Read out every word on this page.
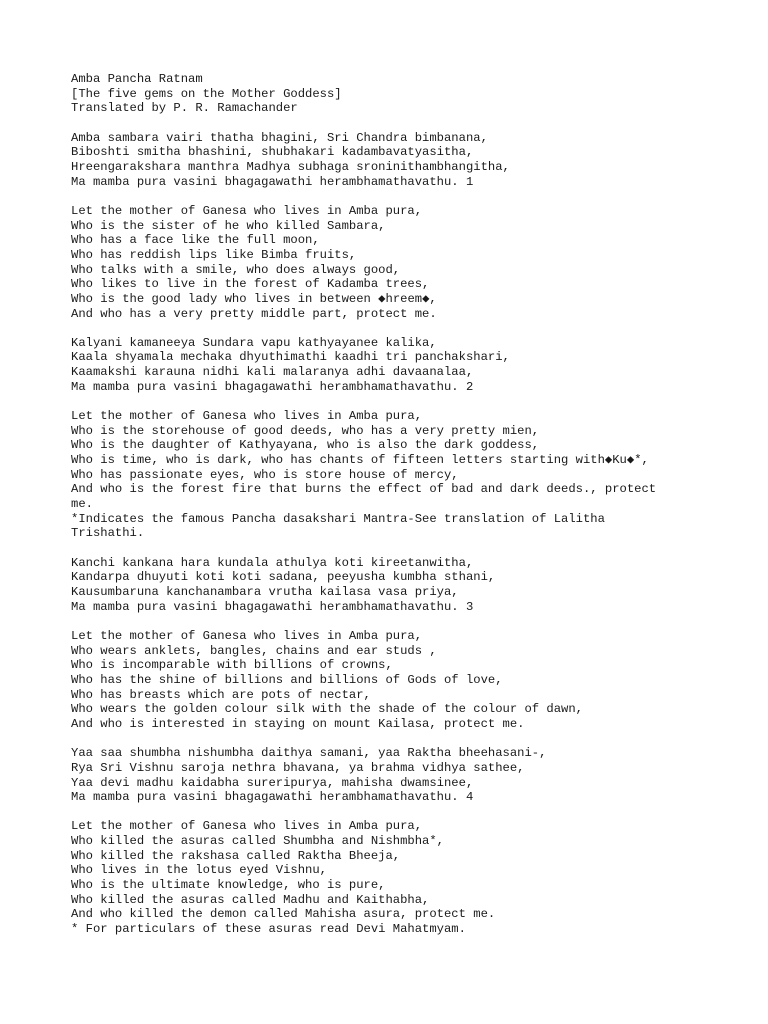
Amba Pancha Ratnam
[The five gems on the Mother Goddess]
Translated by P. R. Ramachander
Amba sambara vairi thatha bhagini, Sri Chandra bimbanana,
Biboshti smitha bhashini, shubhakari kadambavatyasitha,
Hreengarakshara manthra Madhya subhaga sroninithambhangitha,
Ma mamba pura vasini bhagagawathi herambhamathavathu. 1
Let the mother of Ganesa who lives in Amba pura,
Who is the sister of he who killed Sambara,
Who has a face like the full moon,
Who has reddish lips like Bimba fruits,
Who talks with a smile, who does always good,
Who likes to live in the forest of Kadamba trees,
Who is the good lady who lives in between ◆hreem◆,
And who has a very pretty middle part, protect me.
Kalyani kamaneeya Sundara vapu kathyayanee kalika,
Kaala shyamala mechaka dhyuthimathi kaadhi tri panchakshari,
Kaamakshi karauna nidhi kali malaranya adhi davaanalaa,
Ma mamba pura vasini bhagagawathi herambhamathavathu. 2
Let the mother of Ganesa who lives in Amba pura,
Who is the storehouse of good deeds, who has a very pretty mien,
Who is the daughter of Kathyayana, who is also the dark goddess,
Who is time, who is dark, who has chants of fifteen letters starting with◆Ku◆*,
Who has passionate eyes, who is store house of mercy,
And who is the forest fire that burns the effect of bad and dark deeds., protect
me.
*Indicates the famous Pancha dasakshari Mantra-See translation of Lalitha
Trishathi.
Kanchi kankana hara kundala athulya koti kireetanwitha,
Kandarpa dhuyuti koti koti sadana, peeyusha kumbha sthani,
Kausumbaruna kanchanambara vrutha kailasa vasa priya,
Ma mamba pura vasini bhagagawathi herambhamathavathu. 3
Let the mother of Ganesa who lives in Amba pura,
Who wears anklets, bangles, chains and ear studs ,
Who is incomparable with billions of crowns,
Who has the shine of billions and billions of Gods of love,
Who has breasts which are pots of nectar,
Who wears the golden colour silk with the shade of the colour of dawn,
And who is interested in staying on mount Kailasa, protect me.
Yaa saa shumbha nishumbha daithya samani, yaa Raktha bheehasani-,
Rya Sri Vishnu saroja nethra bhavana, ya brahma vidhya sathee,
Yaa devi madhu kaidabha sureripurya, mahisha dwamsinee,
Ma mamba pura vasini bhagagawathi herambhamathavathu. 4
Let the mother of Ganesa who lives in Amba pura,
Who killed the asuras called Shumbha and Nishmbha*,
Who killed the rakshasa called Raktha Bheeja,
Who lives in the lotus eyed Vishnu,
Who is the ultimate knowledge, who is pure,
Who killed the asuras called Madhu and Kaithabha,
And who killed the demon called Mahisha asura, protect me.
* For particulars of these asuras read Devi Mahatmyam.
